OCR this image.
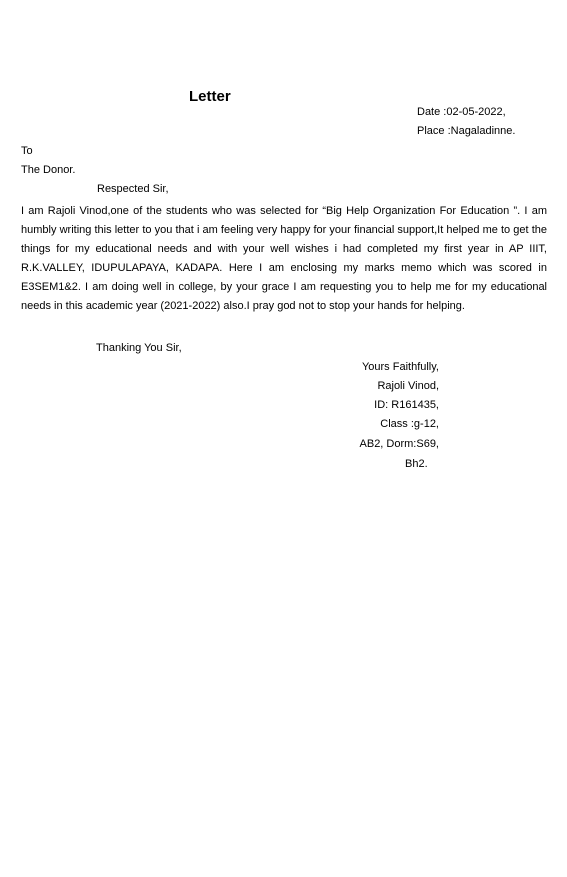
Letter
Date :02-05-2022,
Place :Nagaladinne.
To
The Donor.
Respected Sir,
I am Rajoli Vinod,one of the students who was selected for “Big Help Organization For Education ”. I am humbly writing this letter to you that i am feeling very happy for your financial support,It helped me to get the things for my educational needs and with your well wishes i had completed my first year in AP IIIT, R.K.VALLEY, IDUPULAPAYA, KADAPA. Here I am enclosing my marks memo which was scored in E3SEM1&2. I am doing well in college, by your grace I am requesting you to help me for my educational needs in this academic year (2021-2022) also.I pray god not to stop your hands for helping.
Thanking You Sir,
Yours Faithfully,
Rajoli Vinod,
ID: R161435,
Class :g-12,
AB2, Dorm:S69,
Bh2.
